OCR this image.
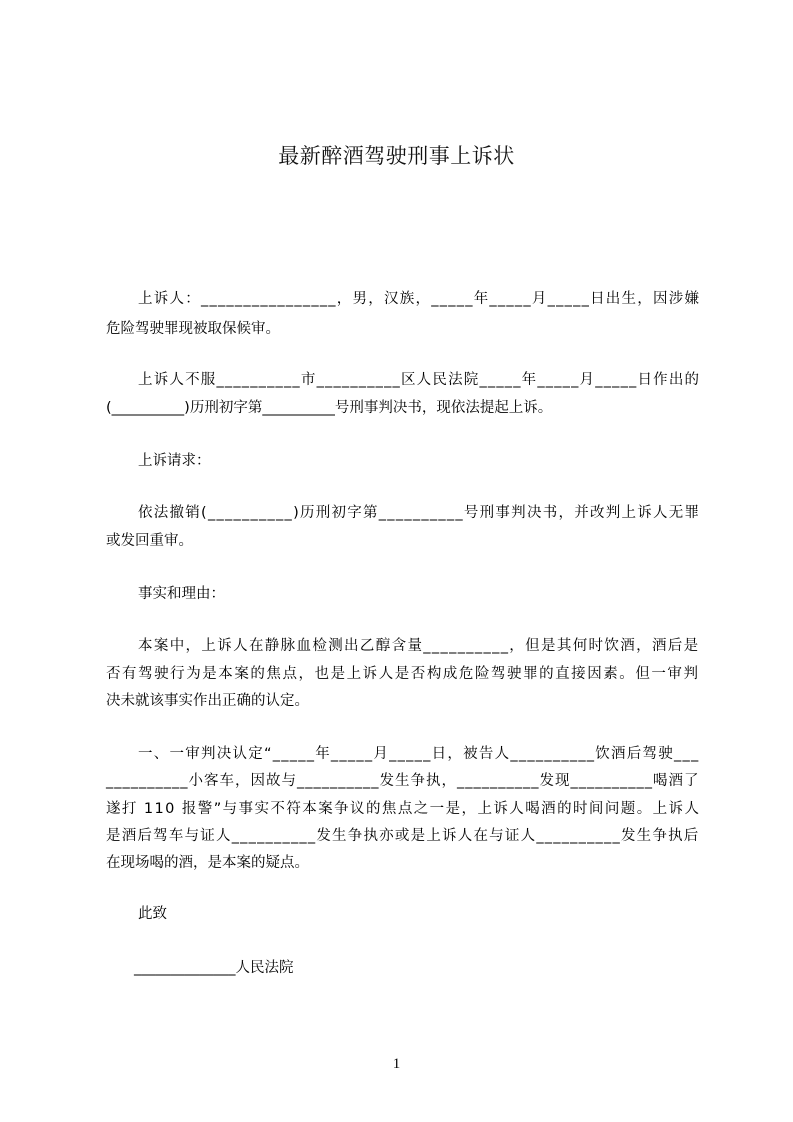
最新醉酒驾驶刑事上诉状
上诉人：________________，男，汉族，_____年_____月_____日出生，因涉嫌
危险驾驶罪现被取保候审。
上诉人不服__________市__________区人民法院_____年_____月_____日作出的
(__________)历刑初字第__________号刑事判决书，现依法提起上诉。
上诉请求：
依法撤销(__________)历刑初字第__________号刑事判决书，并改判上诉人无罪
或发回重审。
事实和理由：
本案中，上诉人在静脉血检测出乙醇含量__________，但是其何时饮酒，酒后是
否有驾驶行为是本案的焦点，也是上诉人是否构成危险驾驶罪的直接因素。但一审判
决未就该事实作出正确的认定。
一、一审判决认定“_____年_____月_____日，被告人__________饮酒后驾驶___
__________小客车，因故与__________发生争执，__________发现__________喝酒了
遂打 110 报警”与事实不符本案争议的焦点之一是，上诉人喝酒的时间问题。上诉人
是酒后驾车与证人__________发生争执亦或是上诉人在与证人__________发生争执后
在现场喝的酒，是本案的疑点。
此致
______________人民法院
1
